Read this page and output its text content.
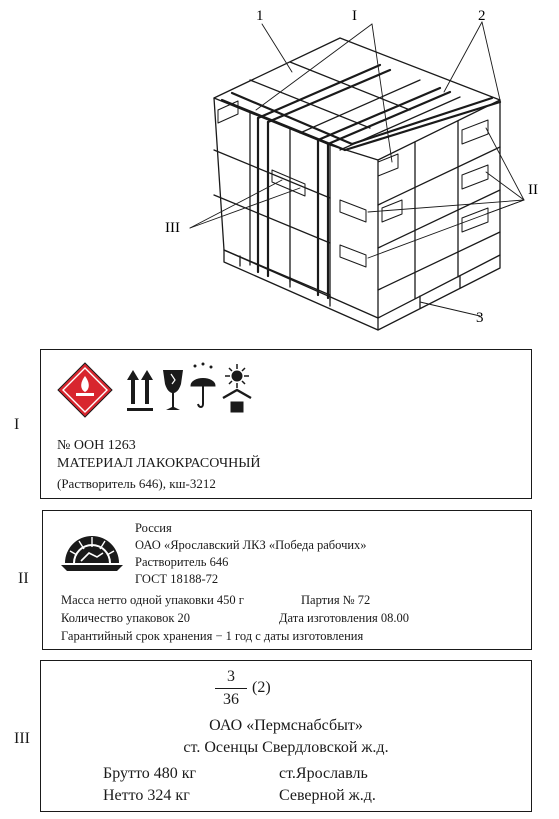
1	I	2
II
III
3
I
№ ООН 1263
МАТЕРИАЛ ЛАКОКРАСОЧНЫЙ
(Растворитель 646), кш-3212
II
Россия
ОАО «Ярославский ЛКЗ «Победа рабочих»
Растворитель 646
ГОСТ 18188-72
Масса нетто одной упаковки 450 г	Партия № 72
Количество упаковок 20	Дата изготовления 08.00
Гарантийный срок хранения − 1 год с даты изготовления
III
3
36
(2)
ОАО «Пермснабсбыт»
ст. Осенцы Свердловской ж.д.
Брутто 480 кг	ст.Ярославль
Нетто 324 кг	Северной ж.д.
